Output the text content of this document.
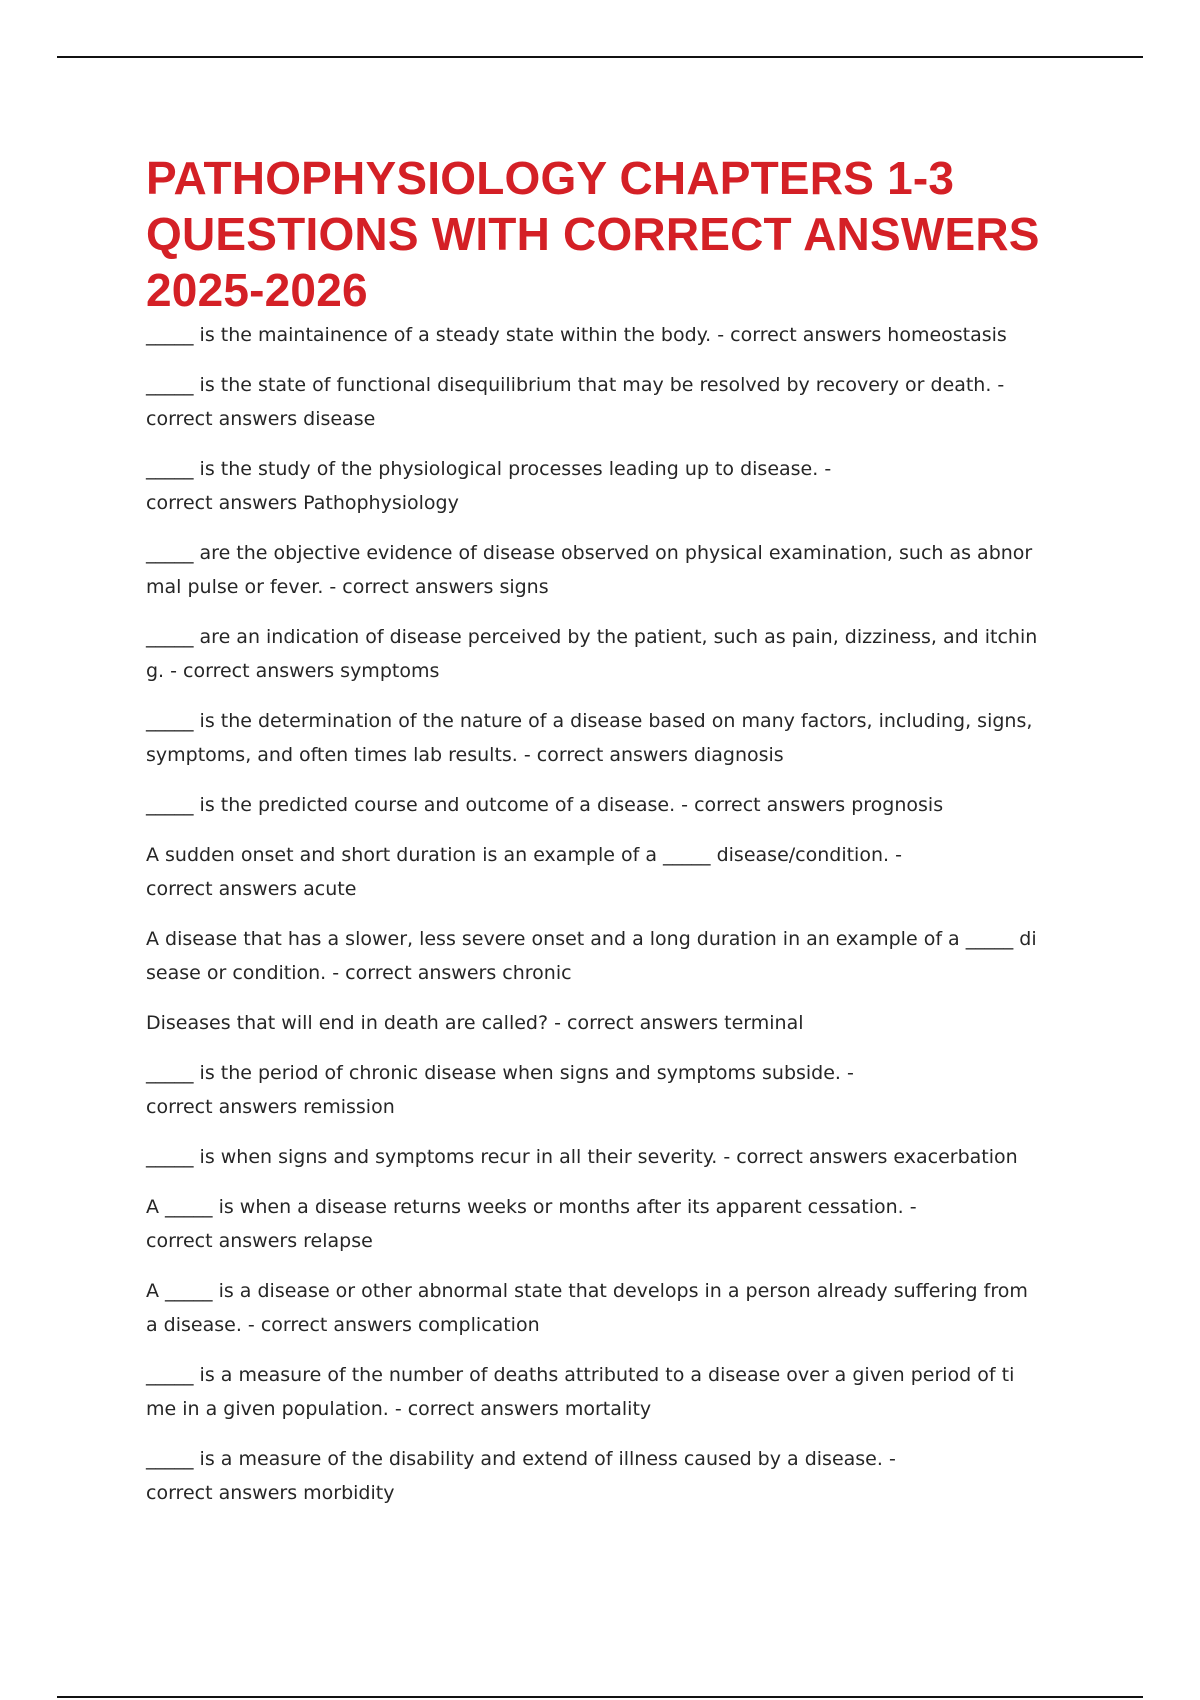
PATHOPHYSIOLOGY CHAPTERS 1-3 QUESTIONS WITH CORRECT ANSWERS 2025-2026
_____ is the maintainence of a steady state within the body. - correct answers homeostasis
_____ is the state of functional disequilibrium that may be resolved by recovery or death. -
correct answers disease
_____ is the study of the physiological processes leading up to disease. -
correct answers Pathophysiology
_____ are the objective evidence of disease observed on physical examination, such as abnor
mal pulse or fever. - correct answers signs
_____ are an indication of disease perceived by the patient, such as pain, dizziness, and itchin
g. - correct answers symptoms
_____ is the determination of the nature of a disease based on many factors, including, signs,
symptoms, and often times lab results. - correct answers diagnosis
_____ is the predicted course and outcome of a disease. - correct answers prognosis
A sudden onset and short duration is an example of a _____ disease/condition. -
correct answers acute
A disease that has a slower, less severe onset and a long duration in an example of a _____ di
sease or condition. - correct answers chronic
Diseases that will end in death are called? - correct answers terminal
_____ is the period of chronic disease when signs and symptoms subside. -
correct answers remission
_____ is when signs and symptoms recur in all their severity. - correct answers exacerbation
A _____ is when a disease returns weeks or months after its apparent cessation. -
correct answers relapse
A _____ is a disease or other abnormal state that develops in a person already suffering from
a disease. - correct answers complication
_____ is a measure of the number of deaths attributed to a disease over a given period of ti
me in a given population. - correct answers mortality
_____ is a measure of the disability and extend of illness caused by a disease. -
correct answers morbidity
